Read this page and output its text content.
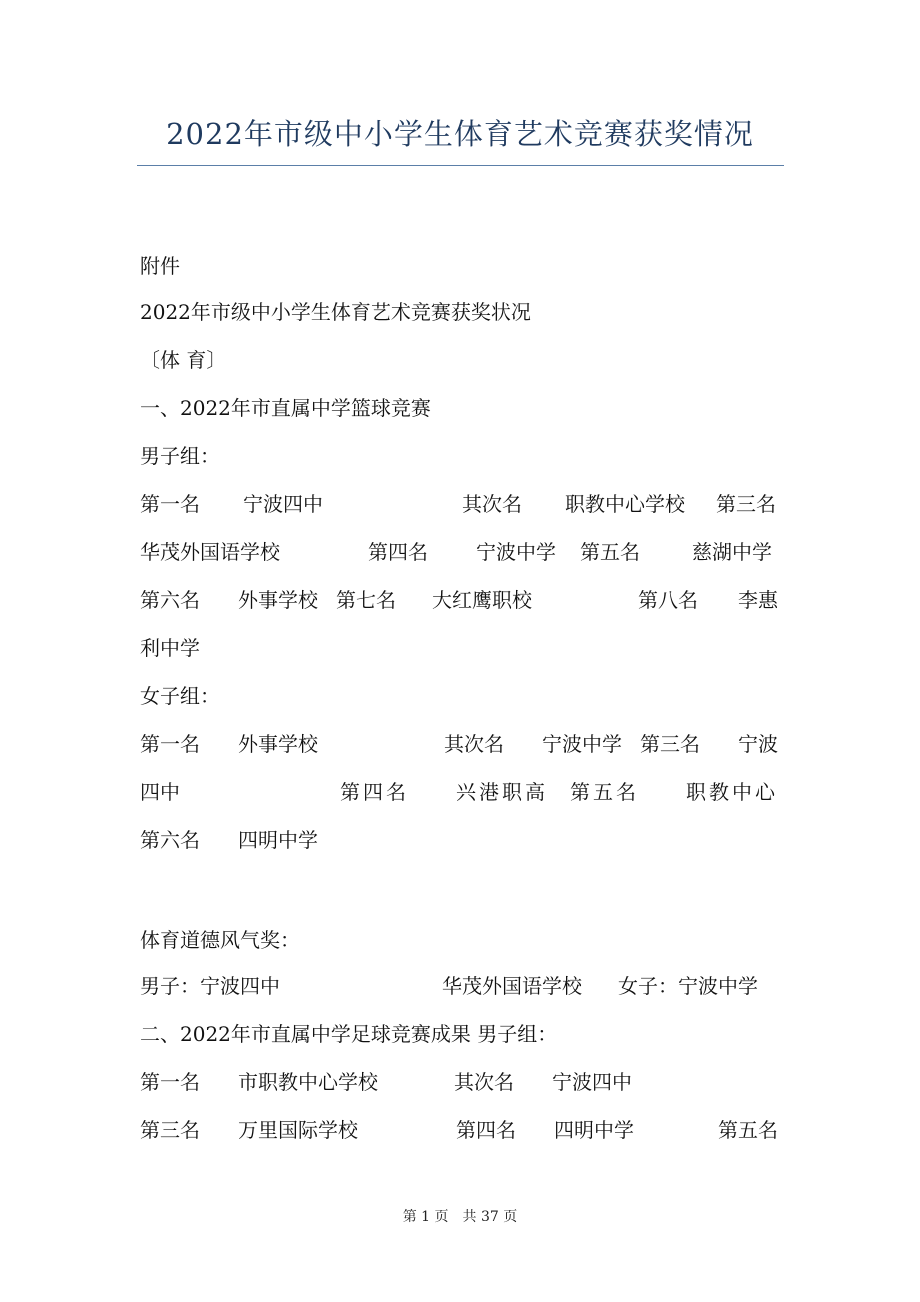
2022年市级中小学生体育艺术竞赛获奖情况
附件
2022年市级中小学生体育艺术竞赛获奖状况
〔体 育〕
一、2022年市直属中学篮球竞赛
男子组：
第一名 宁波四中	其次名 职教中心学校 第三名
华茂外国语学校	第四名 宁波中学 第五名	慈湖中学
第六名 外事学校 第七名 大红鹰职校	第八名 李惠
利中学
女子组：
第一名 外事学校	其次名 宁波中学 第三名 宁波
四中	第四名 兴港职高 第五名 职教中心
第六名 四明中学
体育道德风气奖：
男子：宁波四中	华茂外国语学校 女子：宁波中学
二、2022年市直属中学足球竞赛成果 男子组：
第一名 市职教中心学校	其次名 宁波四中
第三名 万里国际学校	第四名 四明中学	第五名
第 1 页　共 37 页
